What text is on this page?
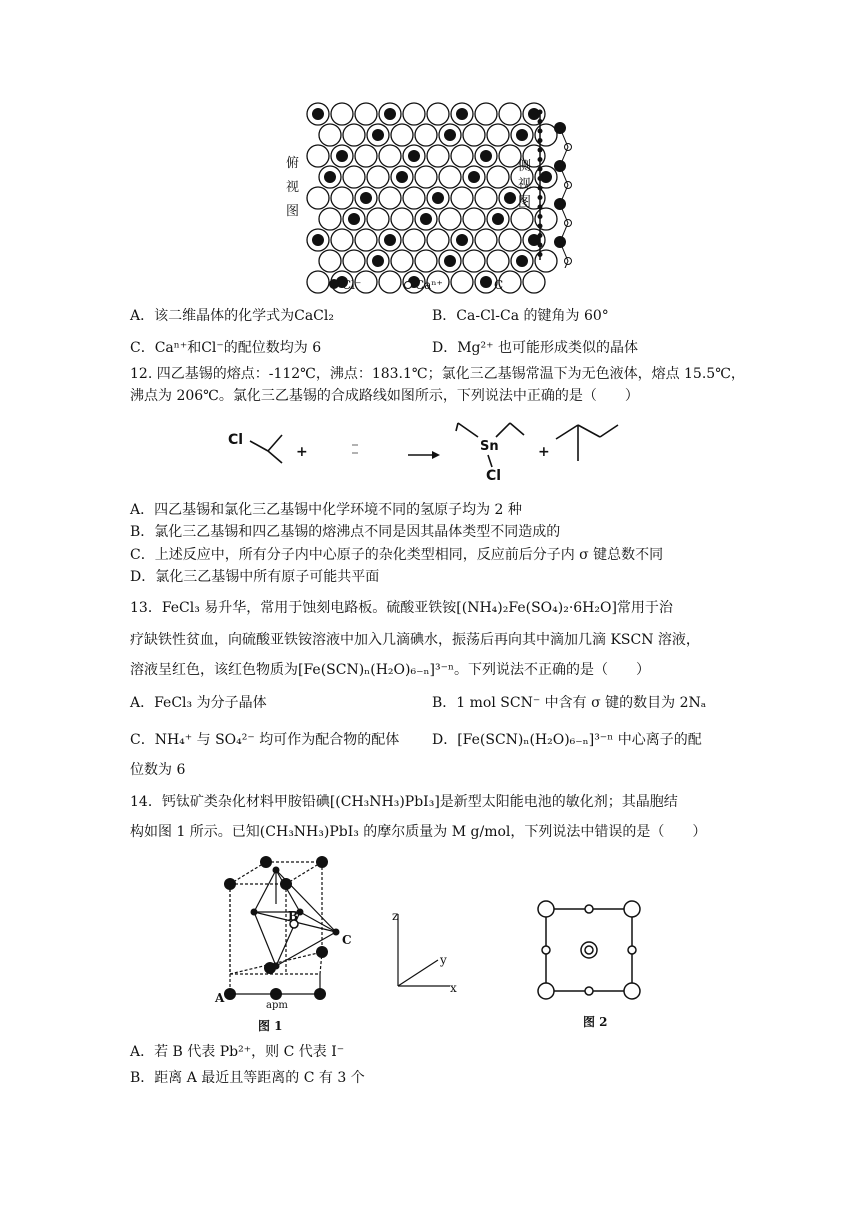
俯视图
侧视图
Cl⁻	Caⁿ⁺	C
A．该二维晶体的化学式为CaCl₂	B．Ca-Cl-Ca 的键角为 60°
C．Caⁿ⁺和Cl⁻的配位数均为 6	D．Mg²⁺ 也可能形成类似的晶体
12. 四乙基锡的熔点：-112℃，沸点：183.1℃；氯化三乙基锡常温下为无色液体，熔点 15.5℃，
沸点为 206℃。氯化三乙基锡的合成路线如图所示，下列说法中正确的是（　　）
Cl
+	Sn
Cl
+
A．四乙基锡和氯化三乙基锡中化学环境不同的氢原子均为 2 种
B．氯化三乙基锡和四乙基锡的熔沸点不同是因其晶体类型不同造成的
C．上述反应中，所有分子内中心原子的杂化类型相同，反应前后分子内 σ 键总数不同
D．氯化三乙基锡中所有原子可能共平面
13．FeCl₃ 易升华，常用于蚀刻电路板。硫酸亚铁铵[(NH₄)₂Fe(SO₄)₂·6H₂O]常用于治
疗缺铁性贫血，向硫酸亚铁铵溶液中加入几滴碘水，振荡后再向其中滴加几滴 KSCN 溶液，
溶液呈红色，该红色物质为[Fe(SCN)ₙ(H₂O)₆₋ₙ]³⁻ⁿ。下列说法不正确的是（　　）
A．FeCl₃ 为分子晶体	B．1 mol SCN⁻ 中含有 σ 键的数目为 2Nₐ
C．NH₄⁺ 与 SO₄²⁻ 均可作为配合物的配体 D．[Fe(SCN)ₙ(H₂O)₆₋ₙ]³⁻ⁿ 中心离子的配
位数为 6
14．钙钛矿类杂化材料甲胺铅碘[(CH₃NH₃)PbI₃]是新型太阳能电池的敏化剂；其晶胞结
构如图 1 所示。已知(CH₃NH₃)PbI₃ 的摩尔质量为 M g/mol，下列说法中错误的是（　　）
B
C
A
apm
z
y
x
图 1	图 2
A．若 B 代表 Pb²⁺，则 C 代表 I⁻
B．距离 A 最近且等距离的 C 有 3 个
